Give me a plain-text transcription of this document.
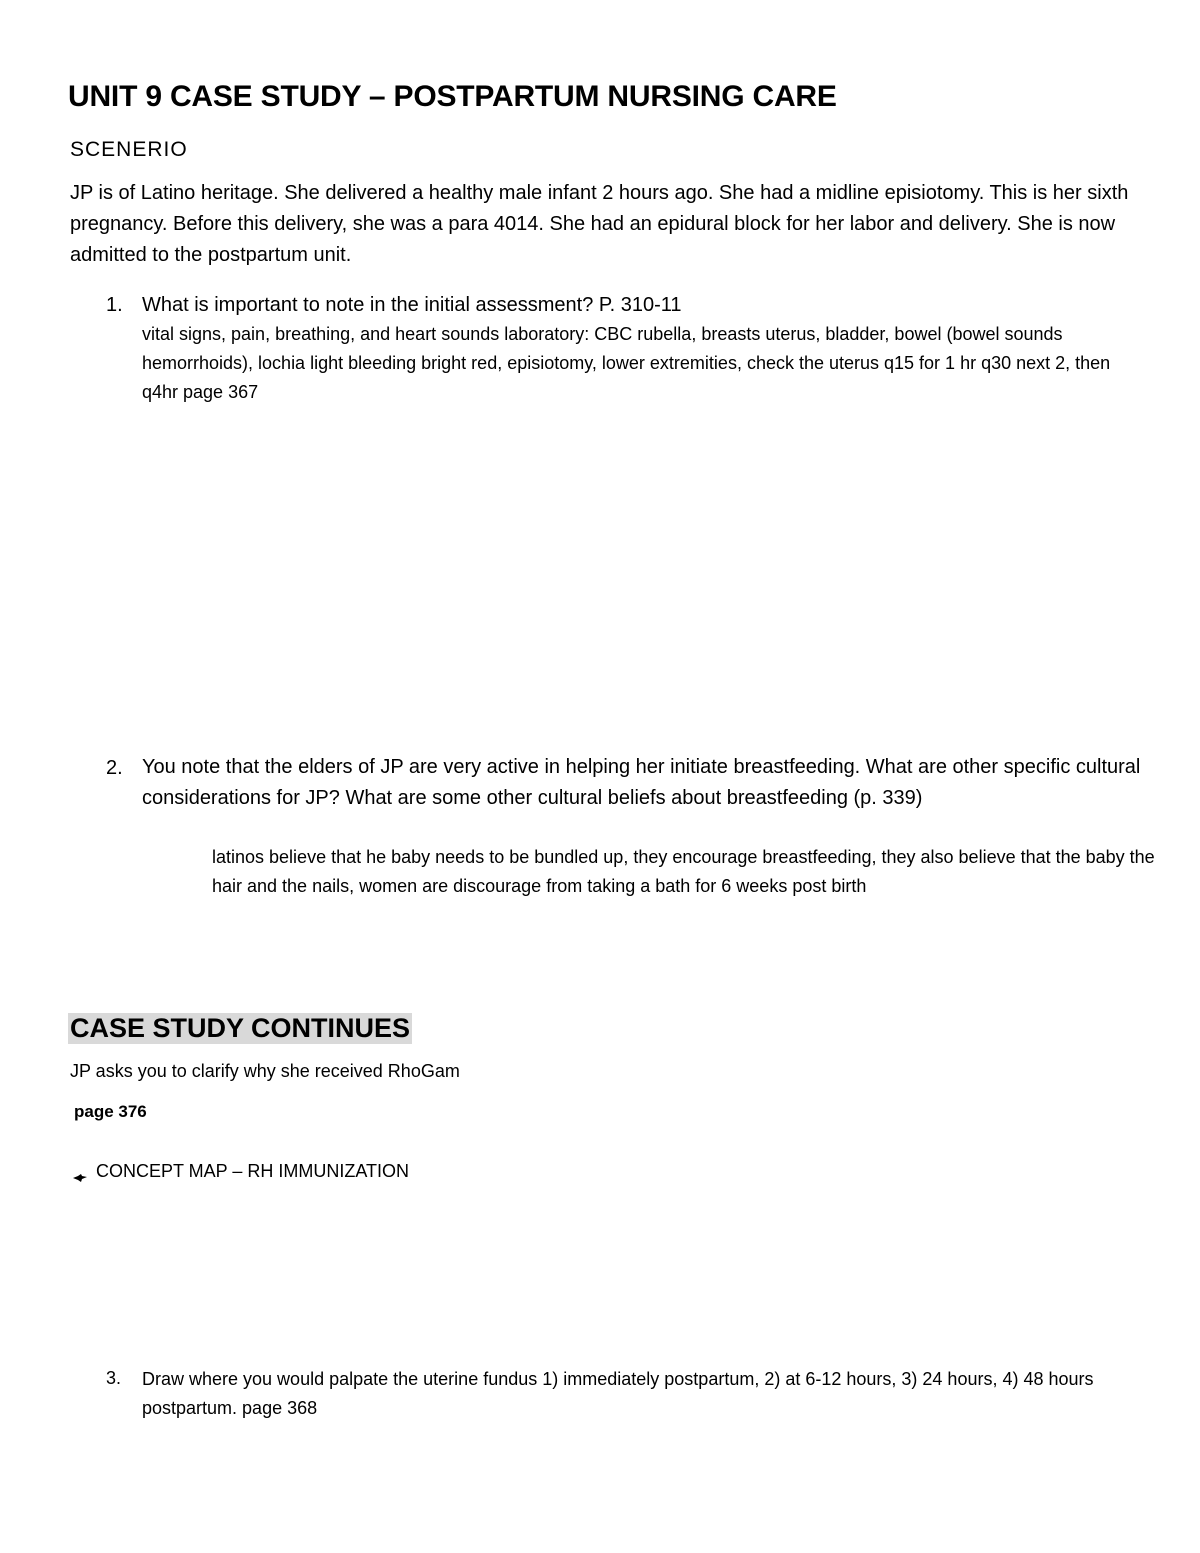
UNIT 9 CASE STUDY – POSTPARTUM NURSING CARE
SCENERIO
JP is of Latino heritage. She delivered a healthy male infant 2 hours ago. She had a midline episiotomy. This is her sixth pregnancy. Before this delivery, she was a para 4014. She had an epidural block for her labor and delivery. She is now admitted to the postpartum unit.
1. What is important to note in the initial assessment? P. 310-11
vital signs, pain, breathing, and heart sounds laboratory: CBC rubella, breasts uterus, bladder, bowel (bowel sounds hemorrhoids), lochia light bleeding bright red, episiotomy, lower extremities, check the uterus q15 for 1 hr q30 next 2, then q4hr page 367
2. You note that the elders of JP are very active in helping her initiate breastfeeding. What are other specific cultural considerations for JP? What are some other cultural beliefs about breastfeeding (p. 339)
latinos believe that he baby needs to be bundled up, they encourage breastfeeding, they also believe that the baby the hair and the nails, women are discourage from taking a bath for 6 weeks post birth
CASE STUDY CONTINUES
JP asks you to clarify why she received RhoGam
page 376
CONCEPT MAP – RH IMMUNIZATION
3. Draw where you would palpate the uterine fundus 1) immediately postpartum, 2) at 6-12 hours, 3) 24 hours, 4) 48 hours postpartum. page 368
